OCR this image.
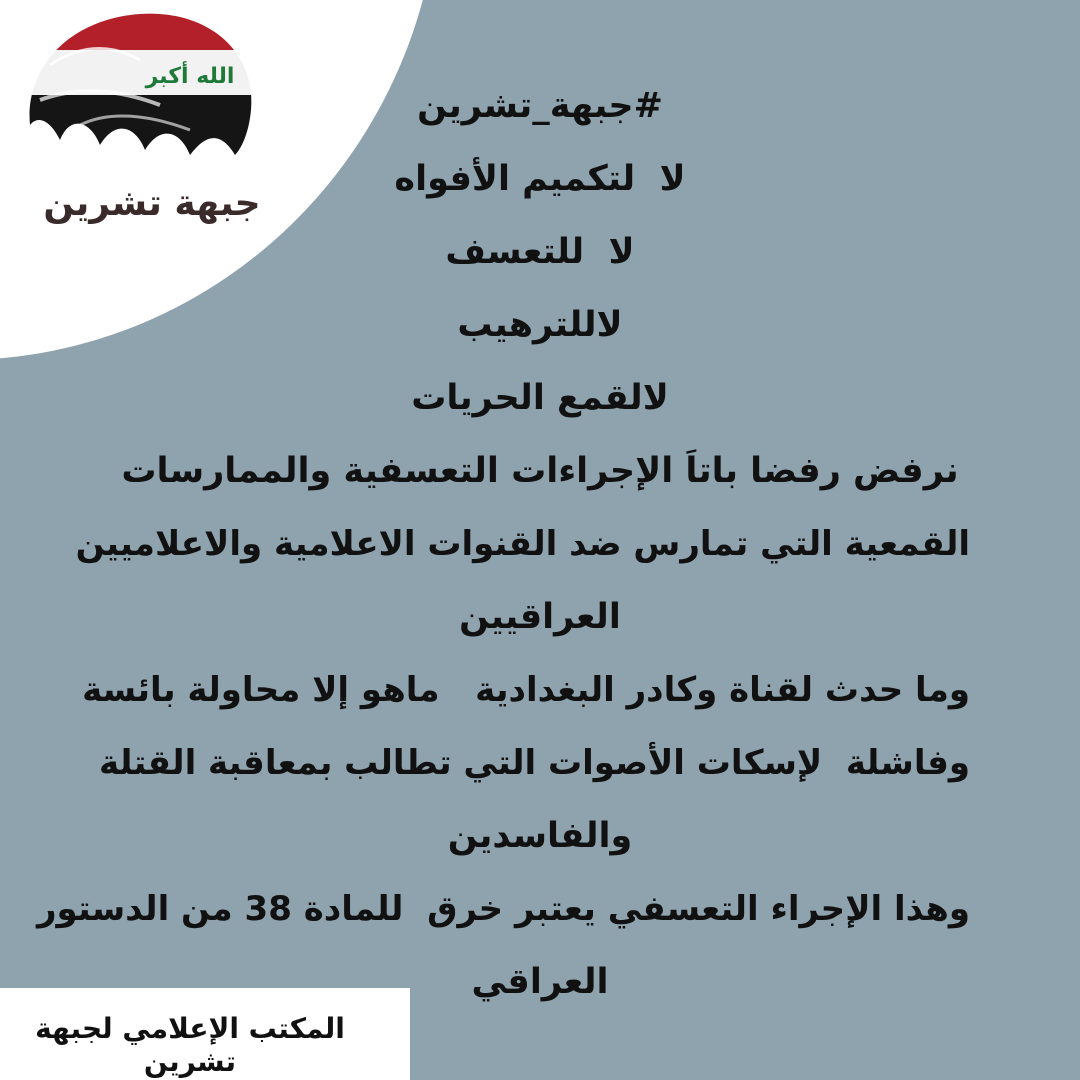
الله أكبر
جبهة تشرين
#جبهة_تشرين
لا  لتكميم الأفواه
لا  للتعسف
لاللترهيب
لالقمع الحريات
نرفض رفضا باتاَ الإجراءات التعسفية والممارسات
القمعية التي تمارس ضد القنوات الاعلامية والاعلاميين
العراقيين
وما حدث لقناة وكادر البغدادية   ماهو إلا محاولة بائسة
وفاشلة  لإسكات الأصوات التي تطالب بمعاقبة القتلة
والفاسدين
وهذا الإجراء التعسفي يعتبر خرق  للمادة 38 من الدستور
العراقي
المكتب الإعلامي لجبهة تشرين
